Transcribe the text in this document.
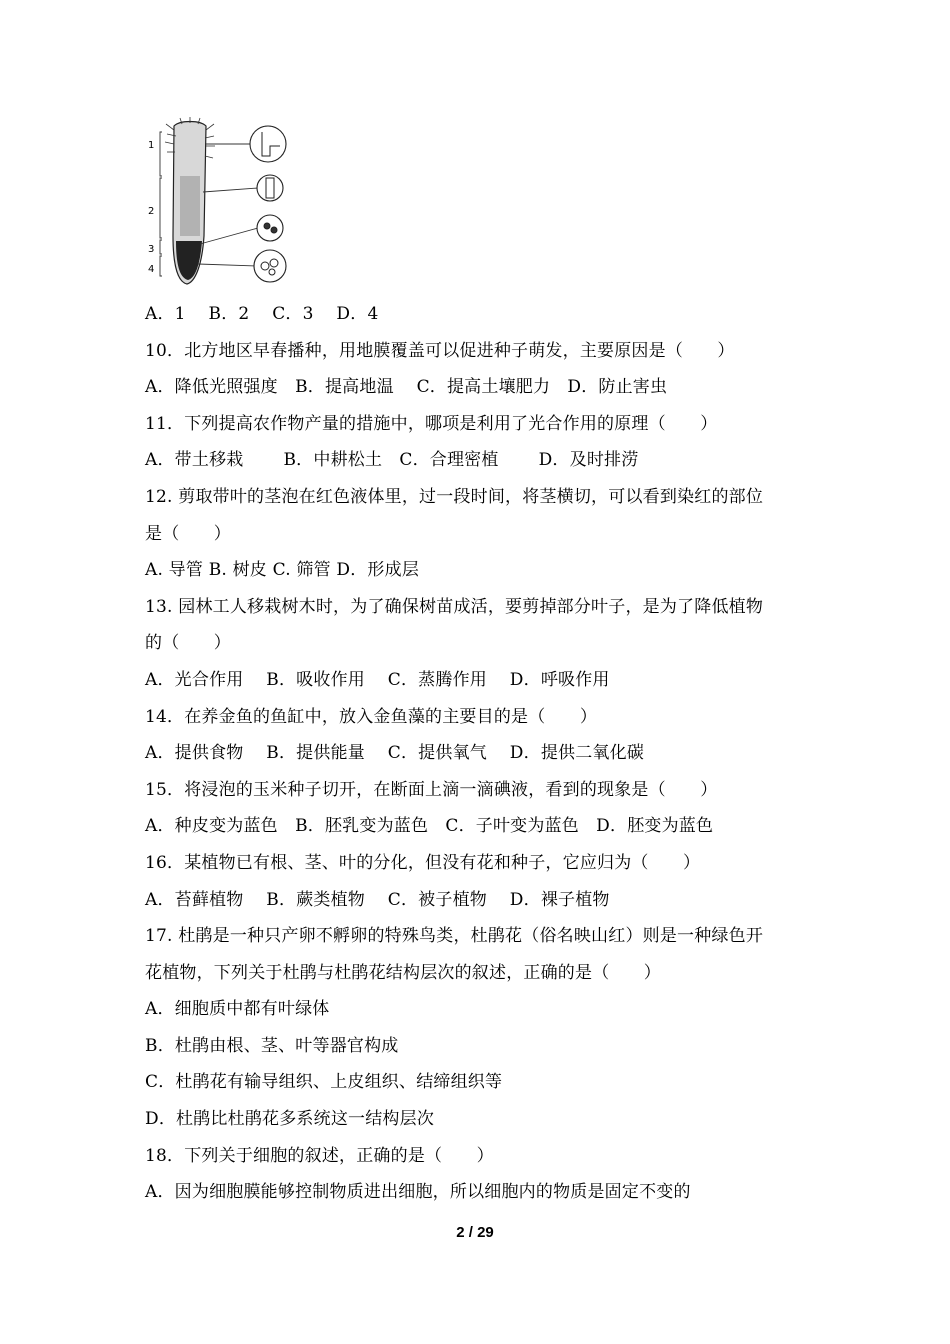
1
2
3
4
A．1　 B．2　 C．3　 D．4
10．北方地区早春播种，用地膜覆盖可以促进种子萌发，主要原因是（　　）
A．降低光照强度　B．提高地温　 C．提高土壤肥力　D．防止害虫
11．下列提高农作物产量的措施中，哪项是利用了光合作用的原理（　　）
A．带土移栽　　 B．中耕松土　C．合理密植　　 D．及时排涝
12. 剪取带叶的茎泡在红色液体里，过一段时间，将茎横切，可以看到染红的部位
是（　　）
A. 导管 B. 树皮 C. 筛管 D．形成层
13. 园林工人移栽树木时，为了确保树苗成活，要剪掉部分叶子，是为了降低植物
的（　　）
A．光合作用　 B．吸收作用　 C．蒸腾作用　 D．呼吸作用
14．在养金鱼的鱼缸中，放入金鱼藻的主要目的是（　　）
A．提供食物　 B．提供能量　 C．提供氧气　 D．提供二氧化碳
15．将浸泡的玉米种子切开，在断面上滴一滴碘液，看到的现象是（　　）
A．种皮变为蓝色　B．胚乳变为蓝色　C．子叶变为蓝色　D．胚变为蓝色
16．某植物已有根、茎、叶的分化，但没有花和种子，它应归为（　　）
A．苔藓植物　 B．蕨类植物　 C．被子植物　 D．裸子植物
17. 杜鹃是一种只产卵不孵卵的特殊鸟类，杜鹃花（俗名映山红）则是一种绿色开
花植物，下列关于杜鹃与杜鹃花结构层次的叙述，正确的是（　　）
A．细胞质中都有叶绿体
B．杜鹃由根、茎、叶等器官构成
C．杜鹃花有输导组织、上皮组织、结缔组织等
D．杜鹃比杜鹃花多系统这一结构层次
18．下列关于细胞的叙述，正确的是（　　）
A．因为细胞膜能够控制物质进出细胞，所以细胞内的物质是固定不变的
2 / 29
